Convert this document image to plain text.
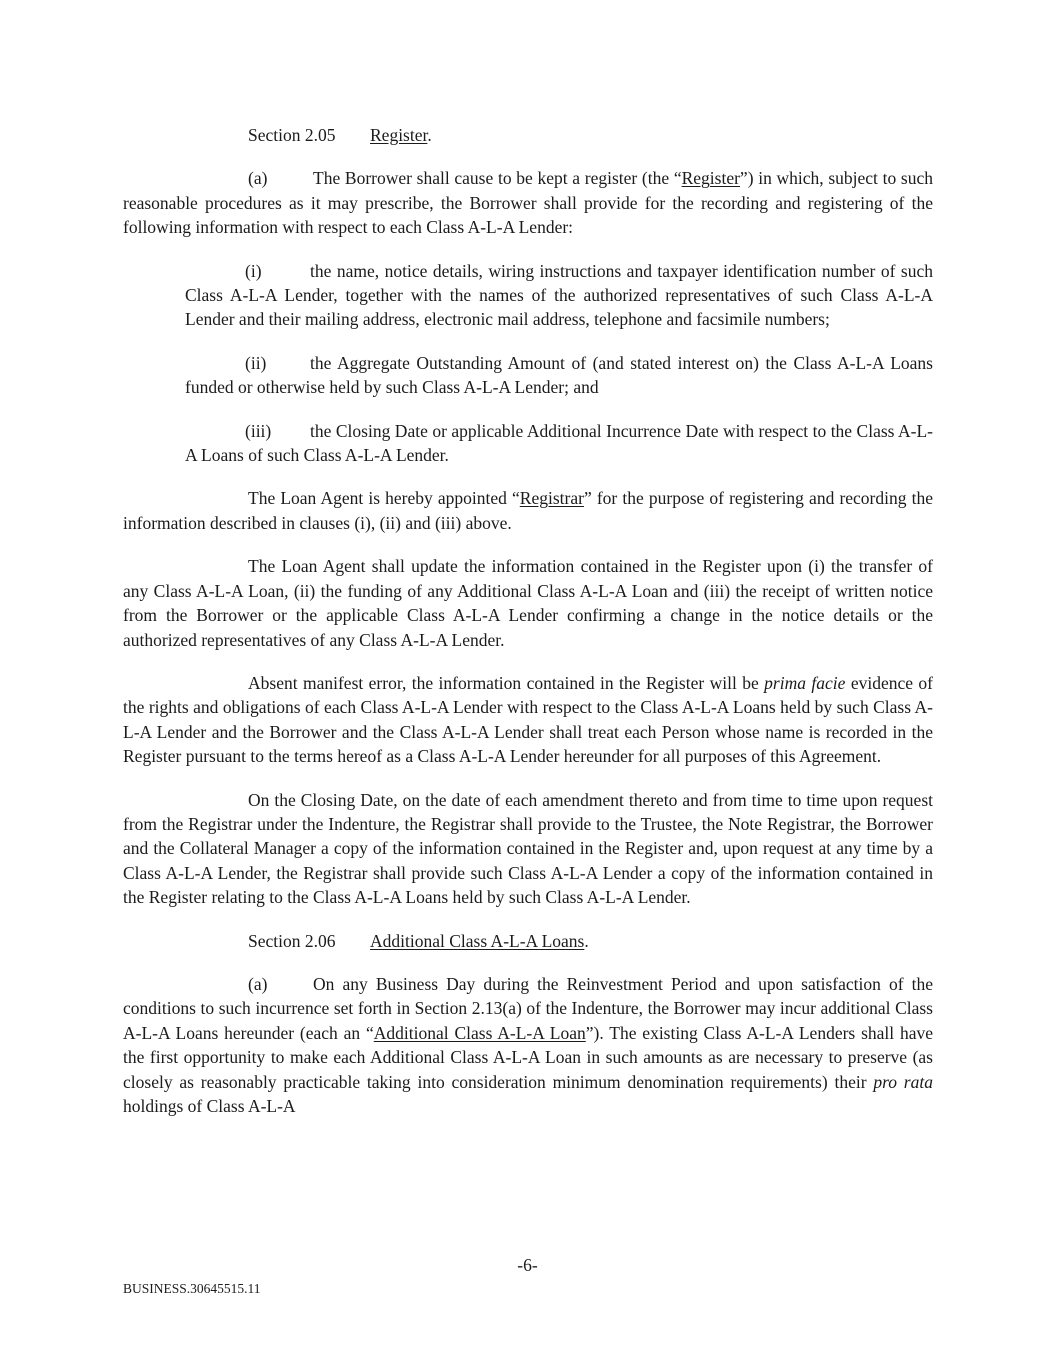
Section 2.05 Register.

(a)	The Borrower shall cause to be kept a register (the “Register”) in which, subject to such reasonable procedures as it may prescribe, the Borrower shall provide for the recording and registering of the following information with respect to each Class A-L-A Lender:

(i)	the name, notice details, wiring instructions and taxpayer identification number of such Class A-L-A Lender, together with the names of the authorized representatives of such Class A-L-A Lender and their mailing address, electronic mail address, telephone and facsimile numbers;

(ii) the Aggregate Outstanding Amount of (and stated interest on) the Class A-L-A Loans funded or otherwise held by such Class A-L-A Lender; and

(iii) the Closing Date or applicable Additional Incurrence Date with respect to the Class A-L-A Loans of such Class A-L-A Lender.

The Loan Agent is hereby appointed “Registrar” for the purpose of registering and recording the information described in clauses (i), (ii) and (iii) above.

The Loan Agent shall update the information contained in the Register upon (i) the transfer of any Class A-L-A Loan, (ii) the funding of any Additional Class A-L-A Loan and (iii) the receipt of written notice from the Borrower or the applicable Class A-L-A Lender confirming a change in the notice details or the authorized representatives of any Class A-L-A Lender.

Absent manifest error, the information contained in the Register will be prima facie evidence of the rights and obligations of each Class A-L-A Lender with respect to the Class A-L-A Loans held by such Class A-L-A Lender and the Borrower and the Class A-L-A Lender shall treat each Person whose name is recorded in the Register pursuant to the terms hereof as a Class A-L-A Lender hereunder for all purposes of this Agreement.

On the Closing Date, on the date of each amendment thereto and from time to time upon request from the Registrar under the Indenture, the Registrar shall provide to the Trustee, the Note Registrar, the Borrower and the Collateral Manager a copy of the information contained in the Register and, upon request at any time by a Class A-L-A Lender, the Registrar shall provide such Class A-L-A Lender a copy of the information contained in the Register relating to the Class A-L-A Loans held by such Class A-L-A Lender.

Section 2.06 Additional Class A-L-A Loans.

(a)	On any Business Day during the Reinvestment Period and upon satisfaction of the conditions to such incurrence set forth in Section 2.13(a) of the Indenture, the Borrower may incur additional Class A-L-A Loans hereunder (each an “Additional Class A-L-A Loan”). The existing Class A-L-A Lenders shall have the first opportunity to make each Additional Class A-L-A Loan in such amounts as are necessary to preserve (as closely as reasonably practicable taking into consideration minimum denomination requirements) their pro rata holdings of Class A-L-A

-6-
BUSINESS.30645515.11
